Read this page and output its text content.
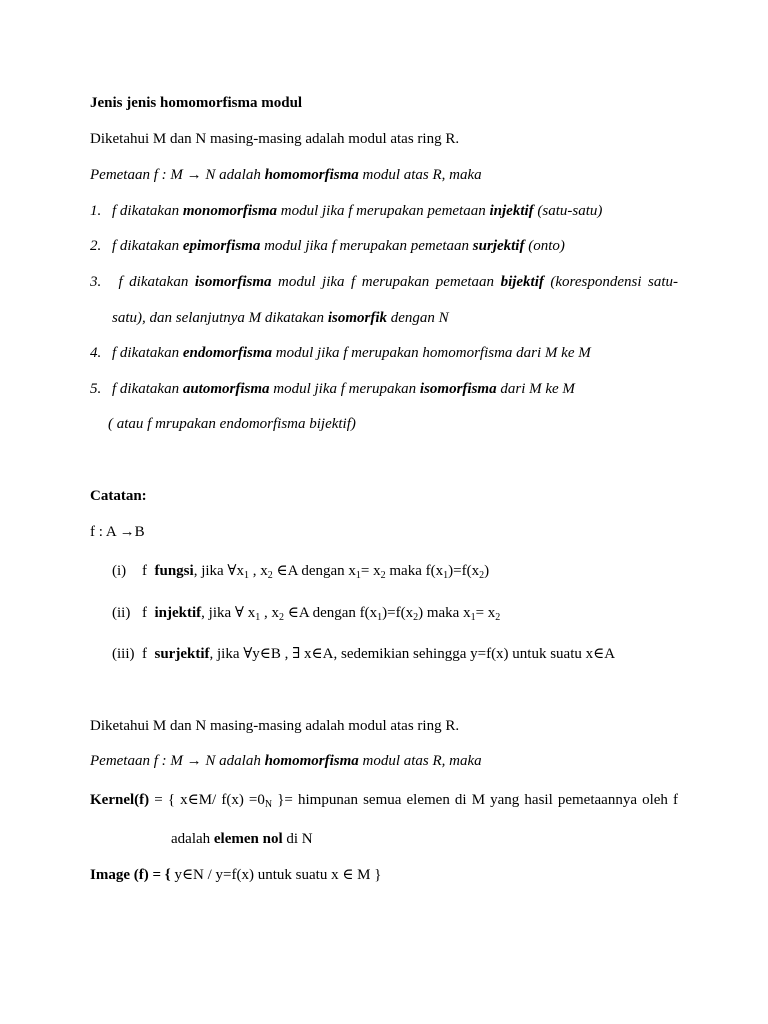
Jenis jenis homomorfisma modul
Diketahui M dan N masing-masing adalah modul atas ring R.
Pemetaan f : M → N adalah homomorfisma modul atas R, maka
1. f dikatakan monomorfisma modul jika f merupakan pemetaan injektif (satu-satu)
2. f dikatakan epimorfisma modul jika f merupakan pemetaan surjektif (onto)
3. f dikatakan isomorfisma modul jika f merupakan pemetaan bijektif (korespondensi satu-
satu), dan selanjutnya M dikatakan isomorfik dengan N
4. f dikatakan endomorfisma modul jika f merupakan homomorfisma dari M ke M
5. f dikatakan automorfisma modul jika f merupakan isomorfisma dari M ke M
( atau f mrupakan endomorfisma bijektif)
Catatan:
f : A →B
(i) f fungsi, jika $\forall x_1$ , $x_2$ ∈A dengan $x_1= x_2$ maka $f(x_1)=f(x_2)$
(ii) f injektif, jika ∀ $x_1$ , $x_2$ ∈A dengan $f(x_1)=f(x_2)$ maka $x_1= x_2$
(iii) f surjektif, jika ∀y∈B , ∃ x∈A, sedemikian sehingga y=f(x) untuk suatu x∈A
Diketahui M dan N masing-masing adalah modul atas ring R.
Pemetaan f : M → N adalah homomorfisma modul atas R, maka
Kernel(f) = { x∈M/ $f(x) =0_N$ }= himpunan semua elemen di M yang hasil pemetaannya oleh f
adalah elemen nol di N
Image (f) = { y∈N / y=f(x) untuk suatu x ∈ M }
